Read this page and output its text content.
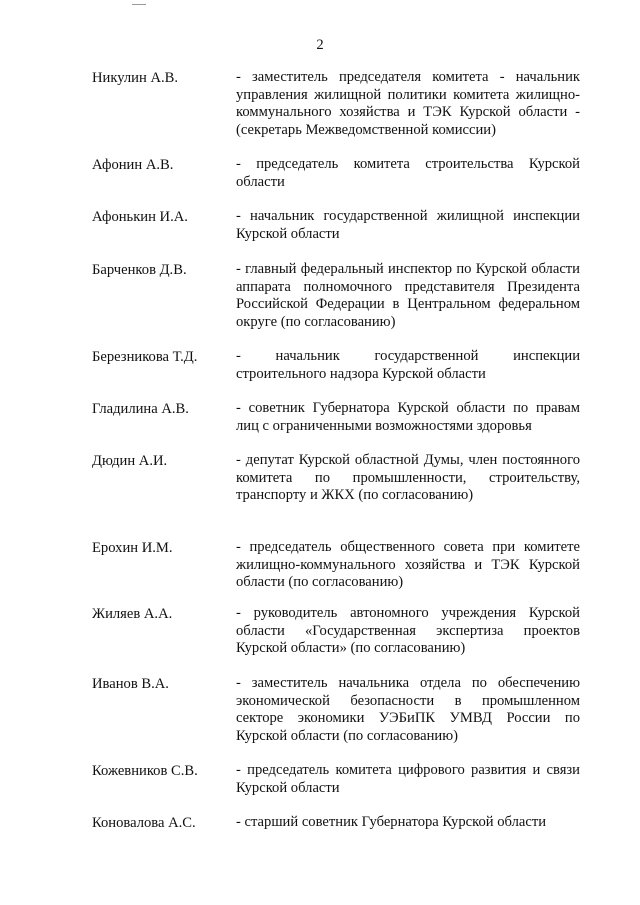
2
Никулин А.В.	- заместитель председателя комитета - начальник управления жилищной политики комитета жилищно-коммунального хозяйства и ТЭК Курской области - (секретарь Межведомственной комиссии)
Афонин А.В.	- председатель комитета строительства Курской области
Афонькин И.А.	- начальник государственной жилищной инспекции Курской области
Барченков Д.В.	- главный федеральный инспектор по Курской области аппарата полномочного представителя Президента Российской Федерации в Центральном федеральном округе (по согласованию)
Березникова Т.Д.	- начальник государственной инспекции строительного надзора Курской области
Гладилина А.В.	- советник Губернатора Курской области по правам лиц с ограниченными возможностями здоровья
Дюдин А.И.	- депутат Курской областной Думы, член постоянного комитета по промышленности, строительству, транспорту и ЖКХ (по согласованию)
Ерохин И.М.	- председатель общественного совета при комитете жилищно-коммунального хозяйства и ТЭК Курской области (по согласованию)
Жиляев А.А.	- руководитель автономного учреждения Курской области «Государственная экспертиза проектов Курской области» (по согласованию)
Иванов В.А.	- заместитель начальника отдела по обеспечению экономической безопасности в промышленном секторе экономики УЭБиПК УМВД России по Курской области (по согласованию)
Кожевников С.В.	- председатель комитета цифрового развития и связи Курской области
Коновалова А.С.	- старший советник Губернатора Курской области
